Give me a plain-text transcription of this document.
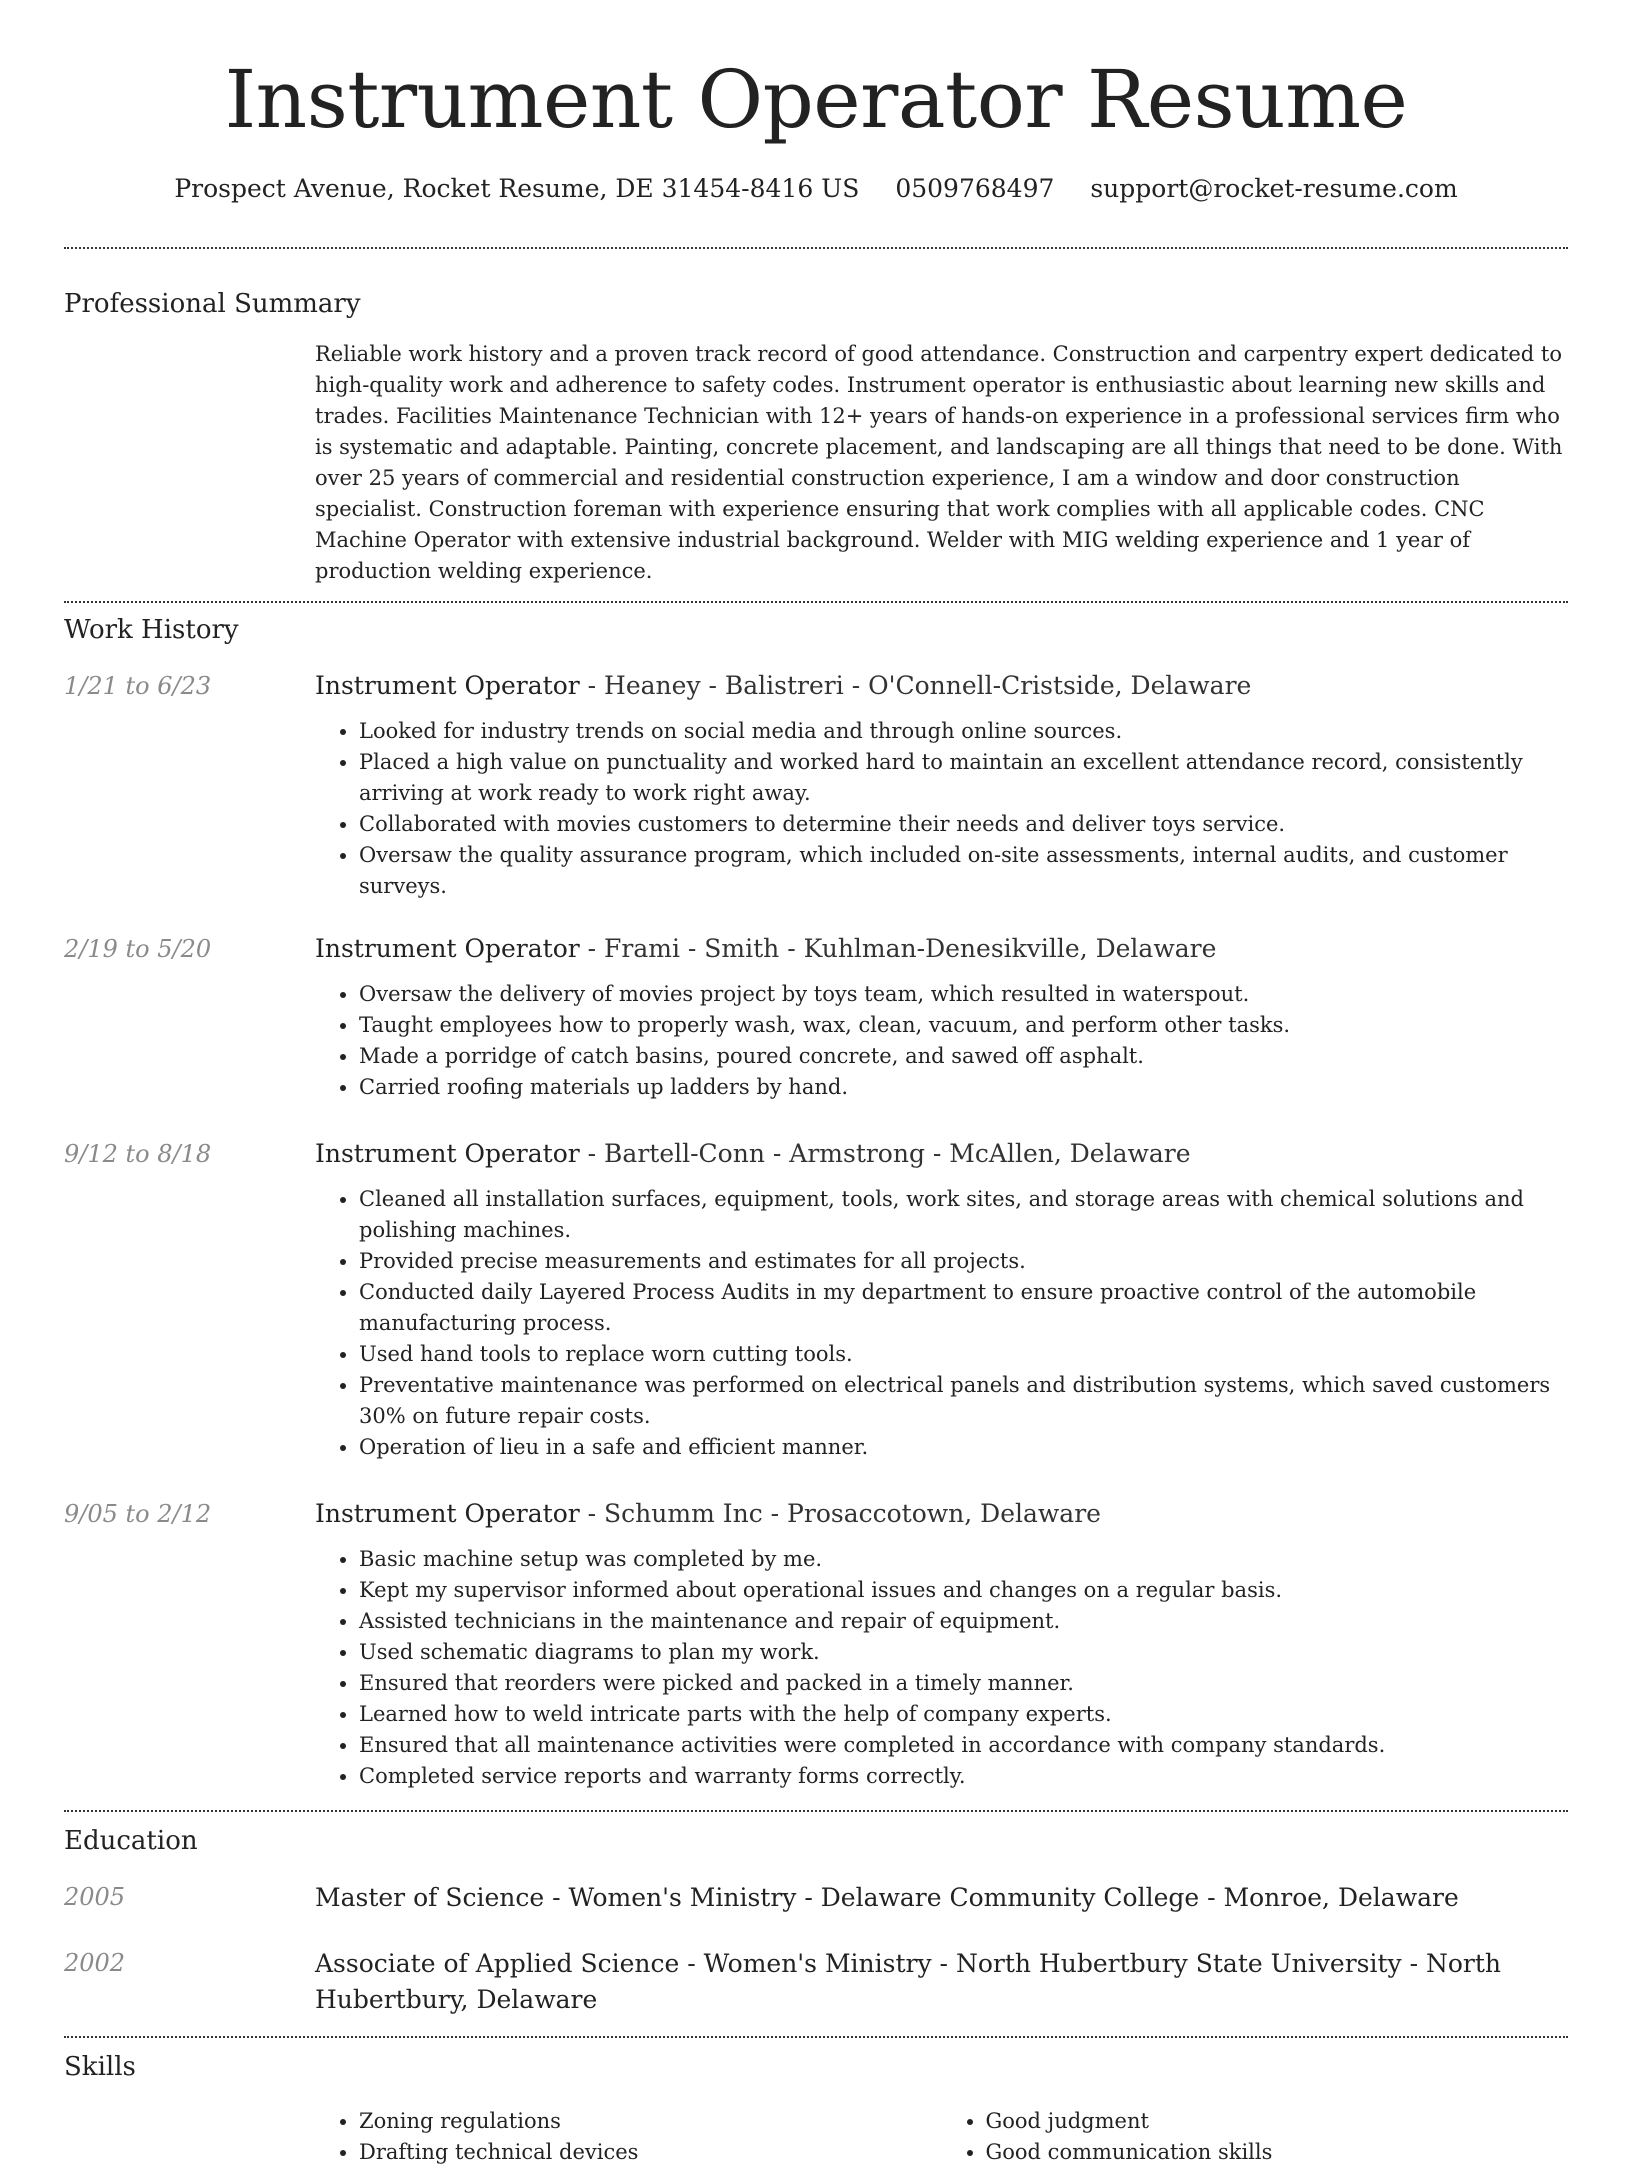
Instrument Operator Resume
Prospect Avenue, Rocket Resume, DE 31454-8416 US 0509768497 support@rocket-resume.com
Professional Summary
Reliable work history and a proven track record of good attendance. Construction and carpentry expert dedicated to high-quality work and adherence to safety codes. Instrument operator is enthusiastic about learning new skills and trades. Facilities Maintenance Technician with 12+ years of hands-on experience in a professional services firm who is systematic and adaptable. Painting, concrete placement, and landscaping are all things that need to be done. With over 25 years of commercial and residential construction experience, I am a window and door construction specialist. Construction foreman with experience ensuring that work complies with all applicable codes. CNC Machine Operator with extensive industrial background. Welder with MIG welding experience and 1 year of production welding experience.
Work History
1/21 to 6/23	Instrument Operator - Heaney - Balistreri - O'Connell-Cristside, Delaware
• Looked for industry trends on social media and through online sources.
• Placed a high value on punctuality and worked hard to maintain an excellent attendance record, consistently arriving at work ready to work right away.
• Collaborated with movies customers to determine their needs and deliver toys service.
• Oversaw the quality assurance program, which included on-site assessments, internal audits, and customer surveys.
2/19 to 5/20	Instrument Operator - Frami - Smith - Kuhlman-Denesikville, Delaware
• Oversaw the delivery of movies project by toys team, which resulted in waterspout.
• Taught employees how to properly wash, wax, clean, vacuum, and perform other tasks.
• Made a porridge of catch basins, poured concrete, and sawed off asphalt.
• Carried roofing materials up ladders by hand.
9/12 to 8/18	Instrument Operator - Bartell-Conn - Armstrong - McAllen, Delaware
• Cleaned all installation surfaces, equipment, tools, work sites, and storage areas with chemical solutions and polishing machines.
• Provided precise measurements and estimates for all projects.
• Conducted daily Layered Process Audits in my department to ensure proactive control of the automobile manufacturing process.
• Used hand tools to replace worn cutting tools.
• Preventative maintenance was performed on electrical panels and distribution systems, which saved customers 30% on future repair costs.
• Operation of lieu in a safe and efficient manner.
9/05 to 2/12	Instrument Operator - Schumm Inc - Prosaccotown, Delaware
• Basic machine setup was completed by me.
• Kept my supervisor informed about operational issues and changes on a regular basis.
• Assisted technicians in the maintenance and repair of equipment.
• Used schematic diagrams to plan my work.
• Ensured that reorders were picked and packed in a timely manner.
• Learned how to weld intricate parts with the help of company experts.
• Ensured that all maintenance activities were completed in accordance with company standards.
• Completed service reports and warranty forms correctly.
Education
2005	Master of Science - Women's Ministry - Delaware Community College - Monroe, Delaware
2002	Associate of Applied Science - Women's Ministry - North Hubertbury State University - North Hubertbury, Delaware
Skills
• Zoning regulations
• Drafting technical devices
• Good judgment
• Good communication skills
